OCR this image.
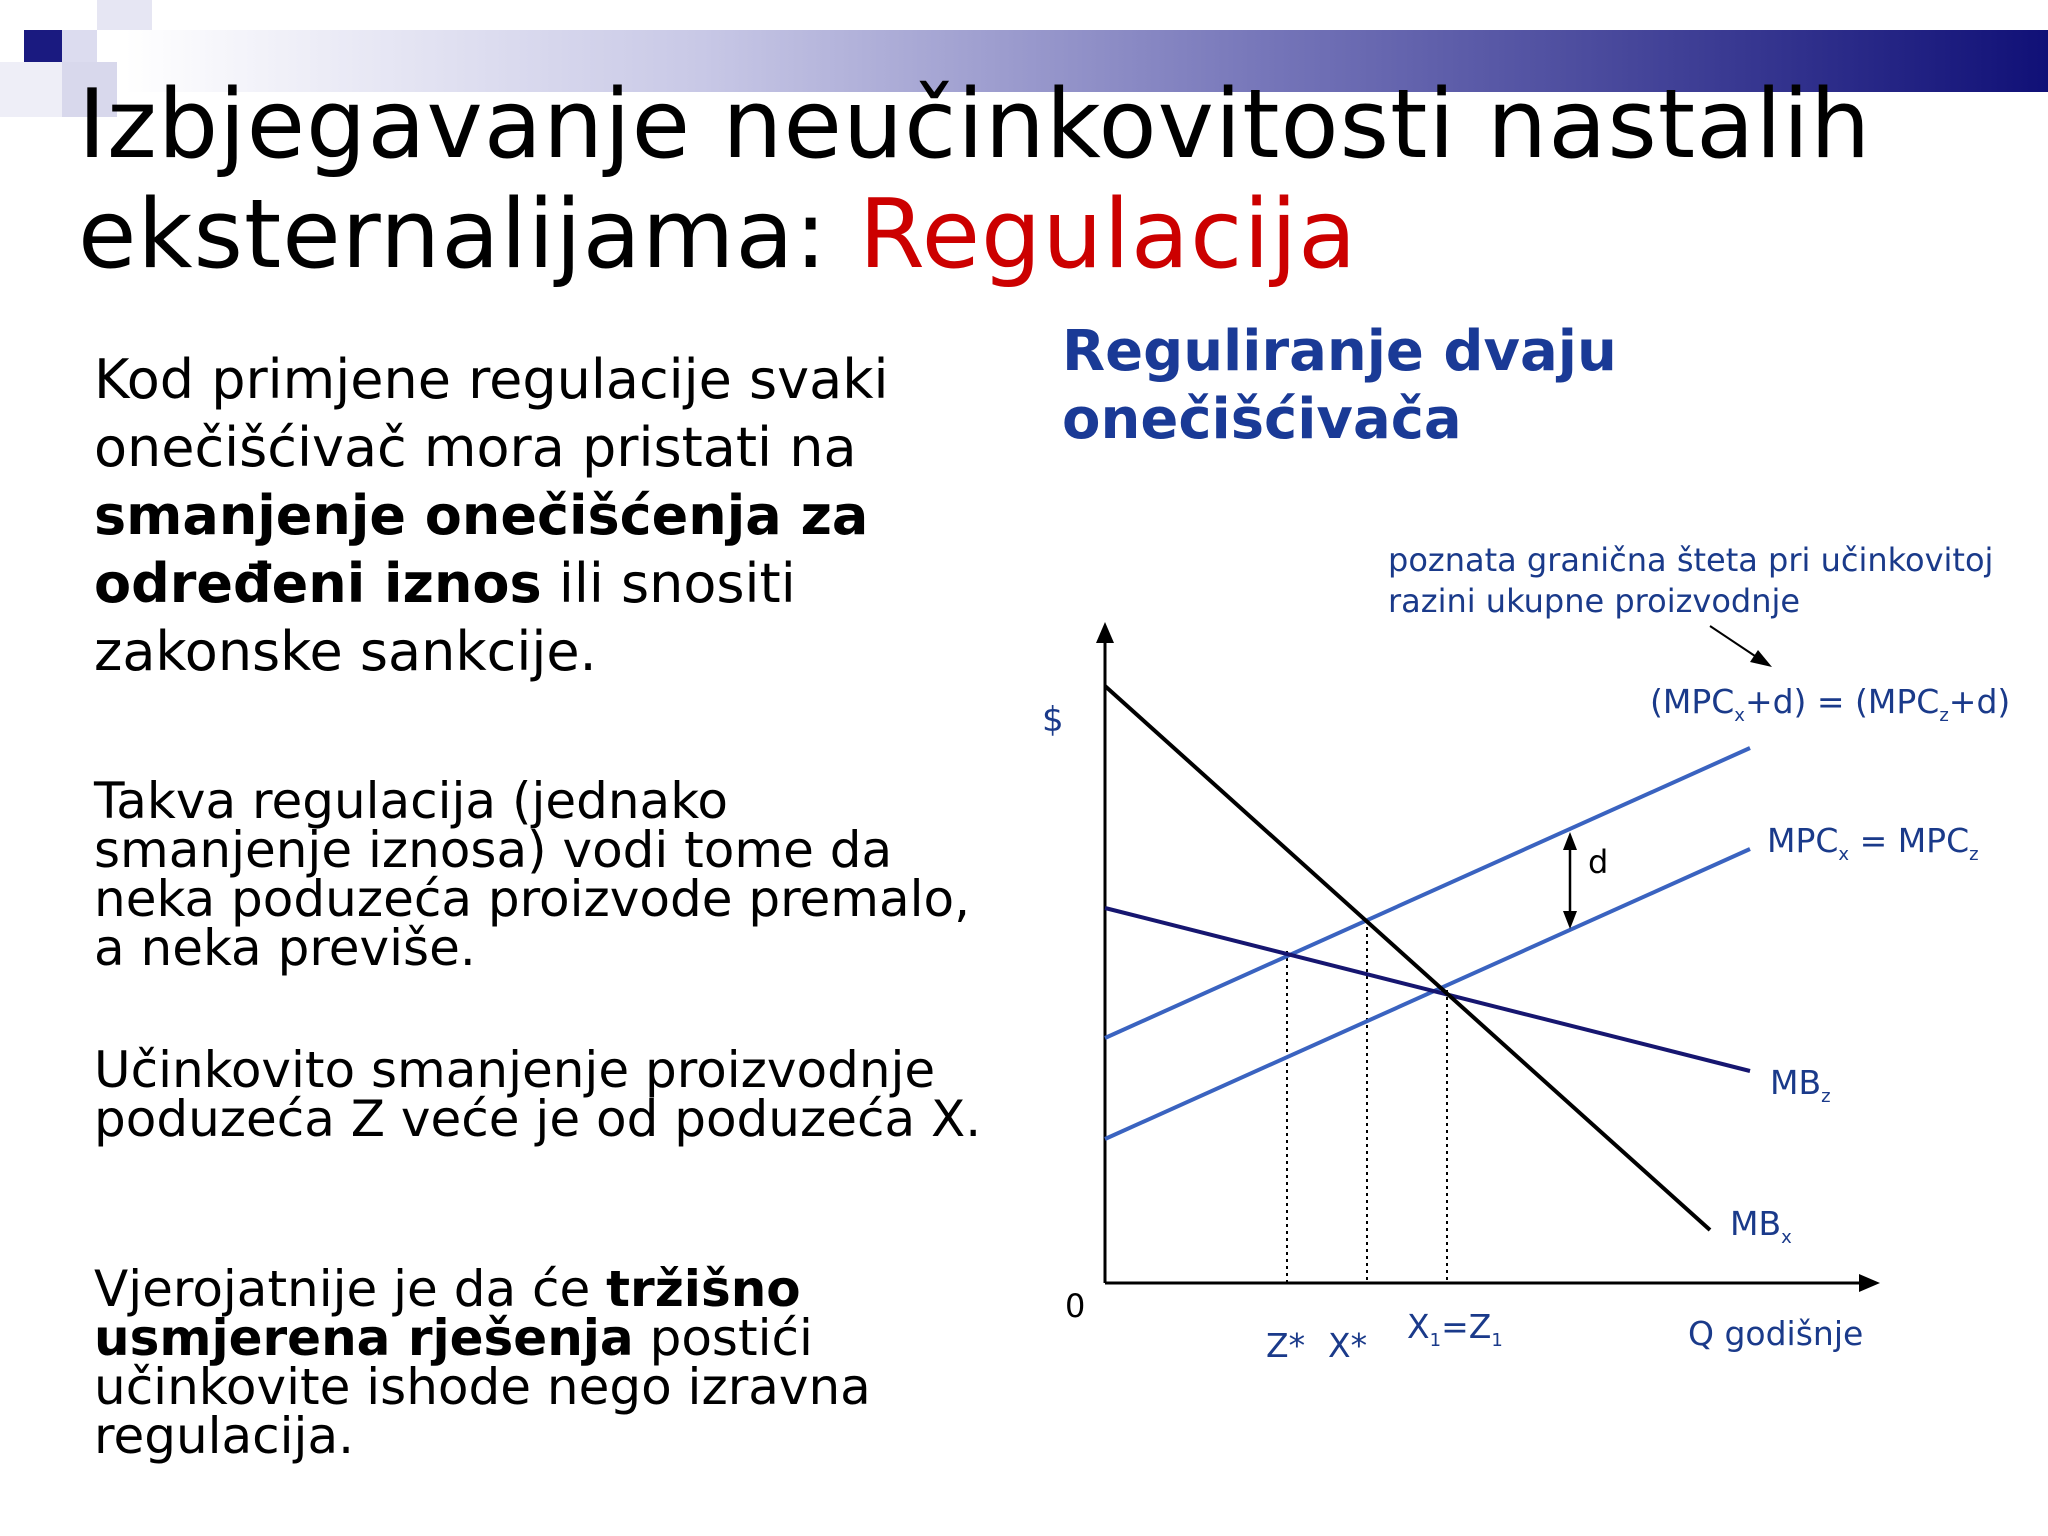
Izbjegavanje neučinkovitosti nastalih
eksternalijama: Regulacija
Kod primjene regulacije svaki onečišćivač mora pristati na smanjenje onečišćenja za određeni iznos ili snositi zakonske sankcije.
Takva regulacija (jednako smanjenje iznosa) vodi tome da neka poduzeća proizvode premalo, a neka previše.
Učinkovito smanjenje proizvodnje poduzeća Z veće je od poduzeća X.
Vjerojatnije je da će tržišno usmjerena rješenja postići učinkovite ishode nego izravna regulacija.
Reguliranje dvaju onečišćivača
d
poznata granična šteta pri učinkovitoj
razini ukupne proizvodnje
$(MPC_x+d) = (MPC_z+d)$
$MPC_x = MPC_z$
$MB_z$
$MB_x$
$
0
Q godišnje
Z* X* $X_1=Z_1$
